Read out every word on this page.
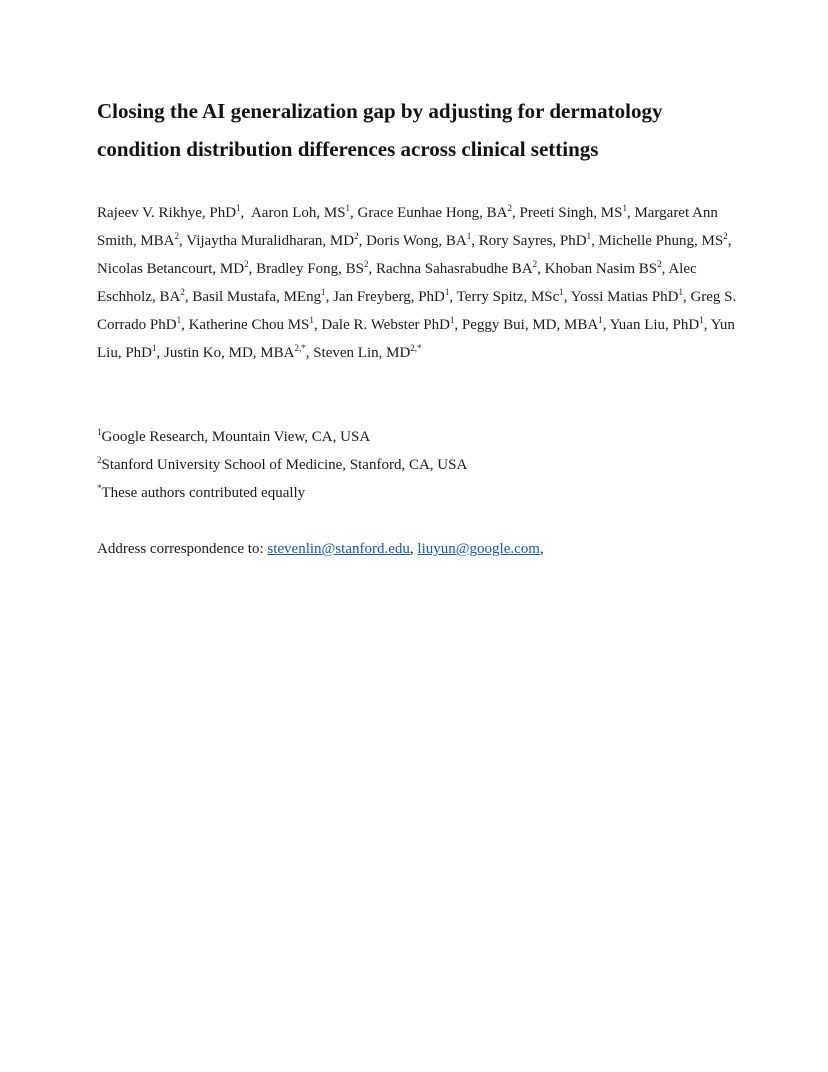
Closing the AI generalization gap by adjusting for dermatology
condition distribution differences across clinical settings

Rajeev V. Rikhye, PhD$^1$,  Aaron Loh, $MS^1$, Grace Eunhae Hong, $BA^2$, Preeti Singh, $MS^1$, Margaret Ann Smith, MBA$^2$, Vijaytha Muralidharan, $MD^2$, Doris Wong, $BA^1$, Rory Sayres, PhD$^1$, Michelle Phung, $MS^2$, Nicolas Betancourt, $MD^2$, Bradley Fong, $BS^2$, Rachna Sahasrabudhe $BA^2$, Khoban Nasim $BS^2$, Alec Eschholz, $BA^2$, Basil Mustafa, MEng$^1$, Jan Freyberg, PhD$^1$, Terry Spitz, MSc$^1$, Yossi Matias PhD$^1$, Greg S. Corrado PhD$^1$, Katherine Chou $MS^1$, Dale R. Webster PhD$^1$, Peggy Bui, MD, MBA$^1$, Yuan Liu, PhD$^1$, Yun Liu, PhD$^1$, Justin Ko, MD, $MBA^{2,*}$, Steven Lin, $MD^{2,*}$

$^1$Google Research, Mountain View, CA, USA

$^2$Stanford University School of Medicine, Stanford, CA, USA

*These authors contributed equally

Address correspondence to: stevenlin@stanford.edu, liuyun@google.com,
